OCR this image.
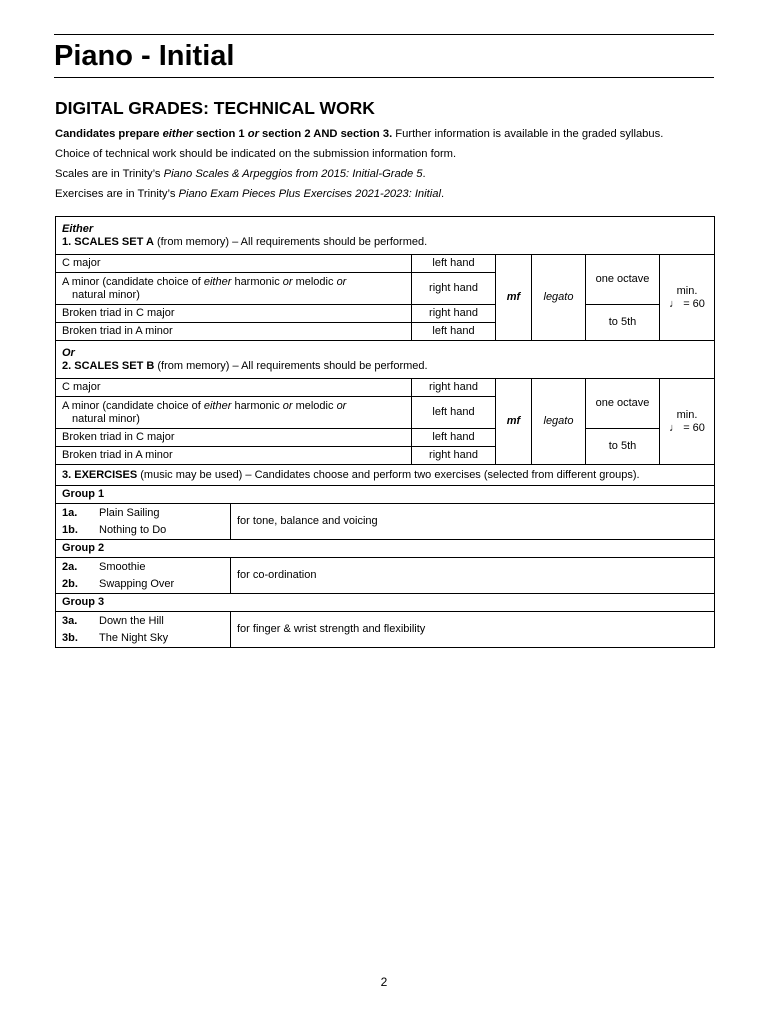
Piano - Initial
DIGITAL GRADES: TECHNICAL WORK
Candidates prepare either section 1 or section 2 AND section 3. Further information is available in the graded syllabus.
Choice of technical work should be indicated on the submission information form.
Scales are in Trinity’s Piano Scales & Arpeggios from 2015: Initial-Grade 5.
Exercises are in Trinity’s Piano Exam Pieces Plus Exercises 2021-2023: Initial.
Either
1. SCALES SET A (from memory) – All requirements should be performed.						

C major		left hand	mf	legato	one octave	min.
♩ = 60

A minor (candidate choice of either harmonic or melodic or
natural minor)		right hand				
Broken triad in C major		right hand			to 5th	
Broken triad in A minor		left hand				

Or
2. SCALES SET B (from memory) – All requirements should be performed.						

C major		right hand	mf	legato	one octave	min.
♩ = 60

A minor (candidate choice of either harmonic or melodic or
natural minor)		left hand				
Broken triad in C major		left hand			to 5th	
Broken triad in A minor		right hand				
3. EXERCISES (music may be used) – Candidates choose and perform two exercises (selected from different groups).						
Group 1						

1a. Plain Sailing
1b. Nothing to Do	for tone, balance and voicing					
Group 2						

2a. Smoothie
2b. Swapping Over	for co-ordination					
Group 3						

3a. Down the Hill
3b. The Night Sky	for finger & wrist strength and flexibility					
2
